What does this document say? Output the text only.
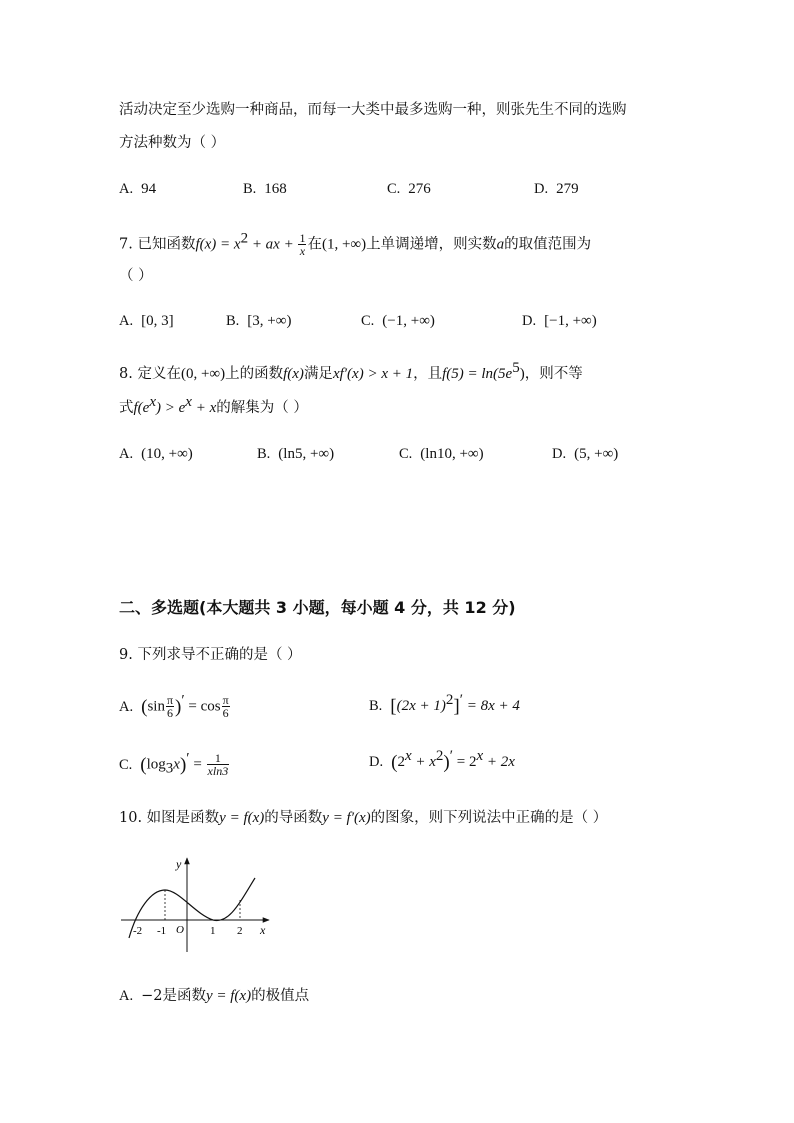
活动决定至少选购一种商品，而每一大类中最多选购一种，则张先生不同的选购
方法种数为（ ）
A. 94	B. 168	C. 276	D. 279
7. 已知函数$f(x) = x^2$ + ax + $\frac{1}{x}$ 在(1, +∞)上单调递增，则实数a的取值范围为
（ ）
A. [0, 3]	B. [3, +∞)	C. (−1, +∞)	D. [−1, +∞)
8. 定义在(0, +∞)上的函数f(x)满足xf′(x) > x + 1，且$f(5) = \ln(5e^5)$，则不等
式$f(e^x) > e^x + x$的解集为（ ）
A. (10, +∞)	B. (ln5, +∞)	C. (ln10, +∞)	D. (5, +∞)
二、多选题(本大题共 3 小题，每小题 4 分，共 12 分)
9. 下列求导不正确的是（ ）
A. $(\sin \frac{\pi}{6} )' = \cos \frac{\pi}{6}$	B. $[(2x + 1)^2]' = 8x + 4$
C. $(\log_3x)' = \frac{1}{xln3}$	D. $(2^x + x^2)' = 2^x + 2x$
10. 如图是函数y = f(x)的导函数y = f′(x)的图象，则下列说法中正确的是（ ）
y
x
O
-2 -1	1 2
A. −2是函数y = f(x)的极值点
